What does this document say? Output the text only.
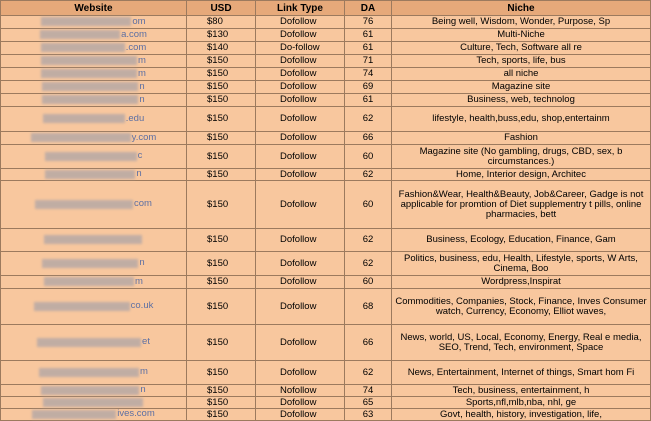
Website	USD	Link Type	DA	Niche
om	$80	Dofollow	76	Being well, Wisdom, Wonder, Purpose, Sp
a.com	$130	Dofollow	61	Multi-Niche
.com	$140	Do-follow	61	Culture, Tech, Software all re
m	$150	Dofollow	71	Tech, sports, life, bus
m	$150	Dofollow	74	all niche
n	$150	Dofollow	69	Magazine site
n	$150	Dofollow	61	Business, web, technolog
.edu	$150	Dofollow	62	lifestyle, health,buss,edu, shop,entertainm
y.com	$150	Dofollow	66	Fashion
c	$150	Dofollow	60	Magazine site (No gambling, drugs, CBD, sex, b circumstances.)
n	$150	Dofollow	62	Home, Interior design, Architec
com	$150	Dofollow	60	Fashion&Wear, Health&Beauty, Job&Career, Gadge is not applicable for promtion of Diet supplementry t pills, online pharmacies, bett
	$150	Dofollow	62	Business, Ecology, Education, Finance, Gam
n	$150	Dofollow	62	Politics, business, edu, Health, Lifestyle, sports, W Arts, Cinema, Boo
m	$150	Dofollow	60	Wordpress,Inspirat
co.uk	$150	Dofollow	68	Commodities, Companies, Stock, Finance, Inves Consumer watch, Currency, Economy, Elliot waves,
et	$150	Dofollow	66	News, world, US, Local, Economy, Energy, Real e media, SEO, Trend, Tech, environment, Space
m	$150	Dofollow	62	News, Entertainment, Internet of things, Smart hom Fi
n	$150	Nofollow	74	Tech, business, entertainment, h
	$150	Dofollow	65	Sports,nfl,mlb,nba, nhl, ge
ives.com	$150	Dofollow	63	Govt, health, history, investigation, life,
